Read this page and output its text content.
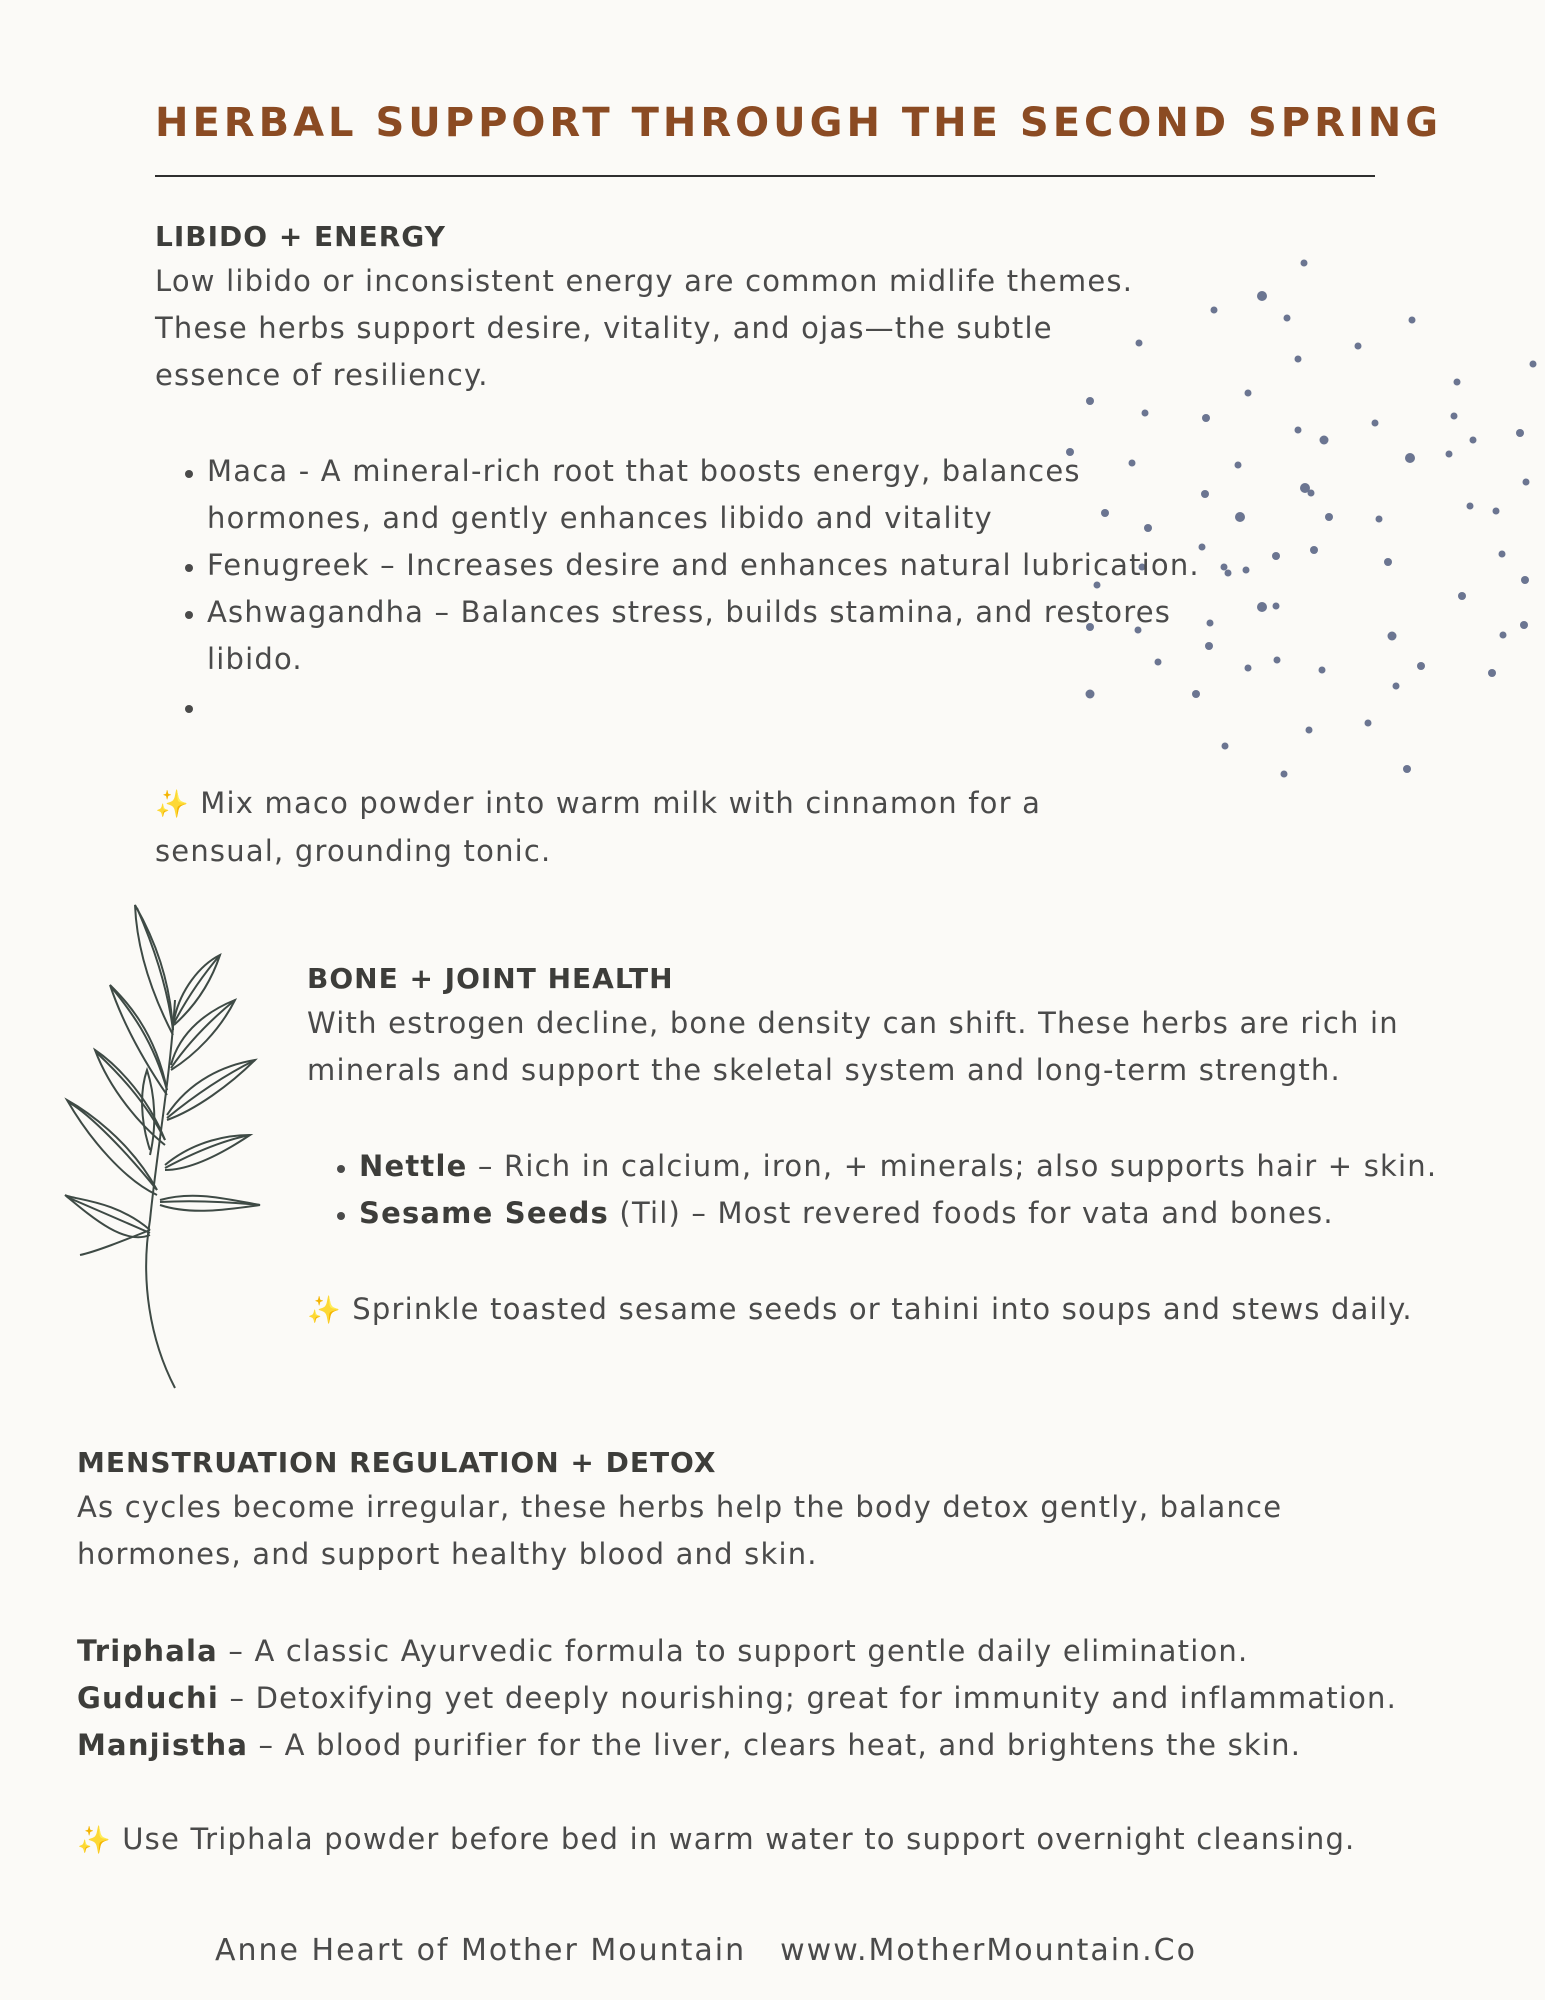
HERBAL SUPPORT THROUGH THE SECOND SPRING
LIBIDO + ENERGY
Low libido or inconsistent energy are common midlife themes. These herbs support desire, vitality, and ojas—the subtle essence of resiliency.
• Maca - A mineral-rich root that boosts energy, balances hormones, and gently enhances libido and vitality
• Fenugreek – Increases desire and enhances natural lubrication.
• Ashwagandha – Balances stress, builds stamina, and restores libido.
•
✨ Mix maco powder into warm milk with cinnamon for a sensual, grounding tonic.
BONE + JOINT HEALTH
With estrogen decline, bone density can shift. These herbs are rich in minerals and support the skeletal system and long-term strength.
• Nettle – Rich in calcium, iron, + minerals; also supports hair + skin.
• Sesame Seeds (Til) – Most revered foods for vata and bones.
✨ Sprinkle toasted sesame seeds or tahini into soups and stews daily.
MENSTRUATION REGULATION + DETOX
As cycles become irregular, these herbs help the body detox gently, balance hormones, and support healthy blood and skin.
Triphala – A classic Ayurvedic formula to support gentle daily elimination.
Guduchi – Detoxifying yet deeply nourishing; great for immunity and inflammation.
Manjistha – A blood purifier for the liver, clears heat, and brightens the skin.
✨ Use Triphala powder before bed in warm water to support overnight cleansing.
Anne Heart of Mother Mountain www.MotherMountain.Co
